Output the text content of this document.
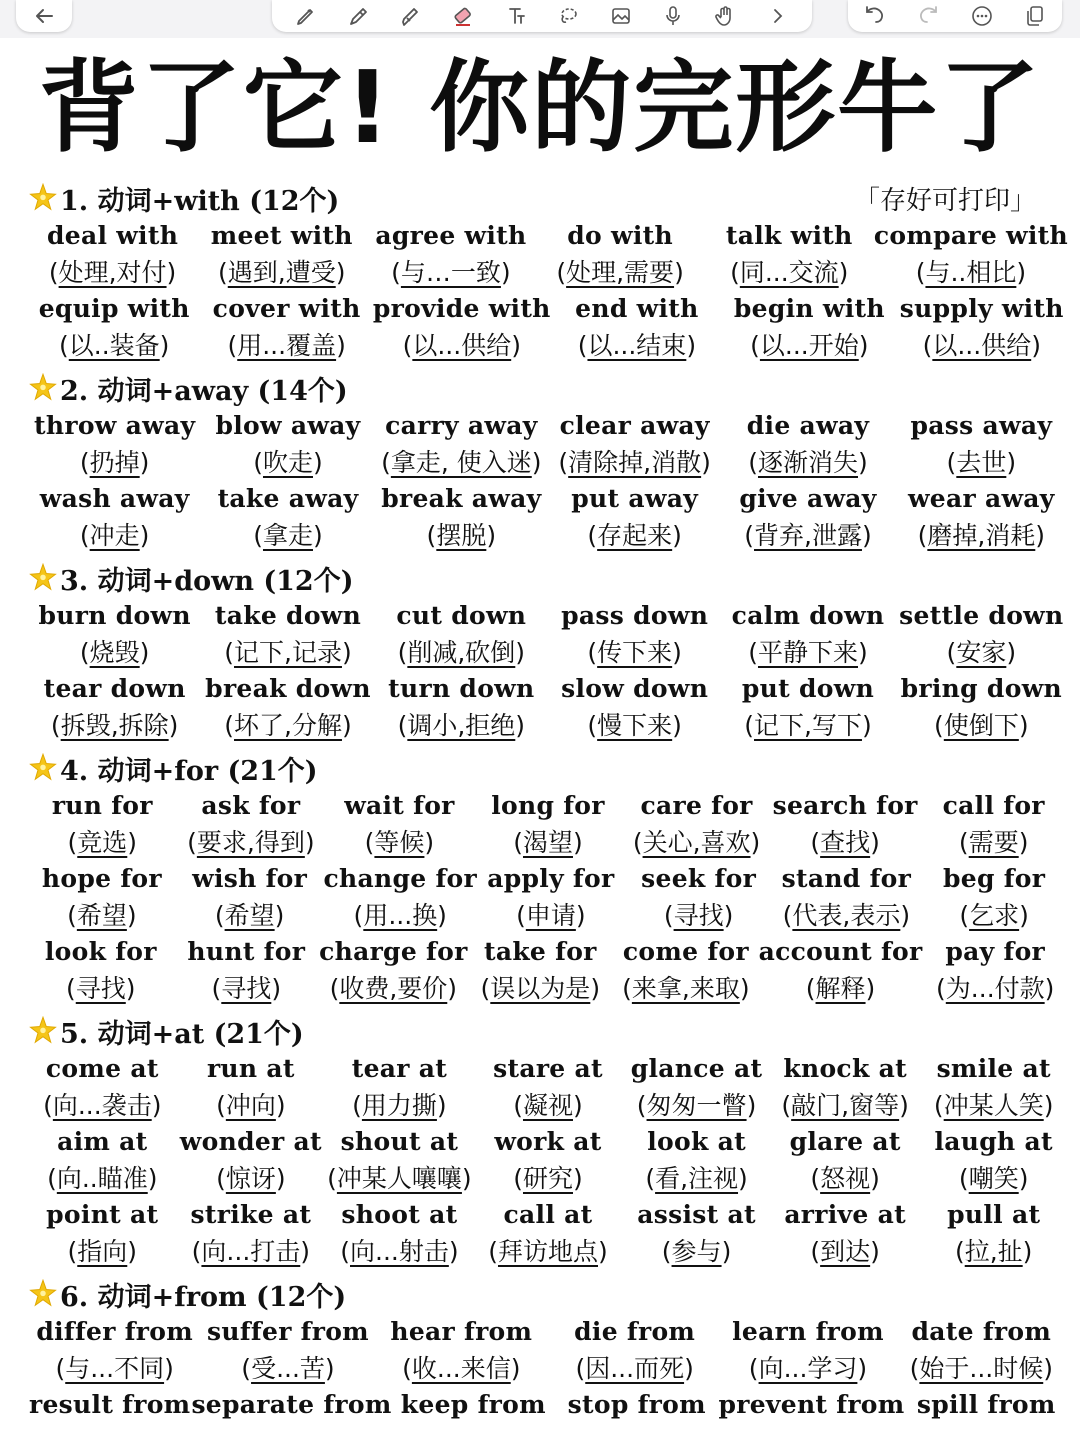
背了它! 你的完形牛了
「存好可打印」
1. 动词+with (12个)
deal with
(处理,对付)
meet with
(遇到,遭受)
agree with
(与…一致)
do with
(处理,需要)
talk with
(同...交流)
compare with
(与..相比)
equip with
(以..装备)
cover with
(用...覆盖)
provide with
(以...供给)
end with
(以...结束)
begin with
(以...开始)
supply with
(以...供给)
2. 动词+away (14个)
throw away
(扔掉)
blow away
(吹走)
carry away
(拿走, 使入迷)
clear away
(清除掉,消散)
die away
(逐渐消失)
pass away
(去世)
wash away
(冲走)
take away
(拿走)
break away
(摆脱)
put away
(存起来)
give away
(背弃,泄露)
wear away
(磨掉,消耗)
3. 动词+down (12个)
burn down
(烧毁)
take down
(记下,记录)
cut down
(削减,砍倒)
pass down
(传下来)
calm down
(平静下来)
settle down
(安家)
tear down
(拆毁,拆除)
break down
(坏了,分解)
turn down
(调小,拒绝)
slow down
(慢下来)
put down
(记下,写下)
bring down
(使倒下)
4. 动词+for (21个)
run for
(竞选)
ask for
(要求,得到)
wait for
(等候)
long for
(渴望)
care for
(关心,喜欢)
search for
(查找)
call for
(需要)
hope for
(希望)
wish for
(希望)
change for
(用...换)
apply for
(申请)
seek for
(寻找)
stand for
(代表,表示)
beg for
(乞求)
look for
(寻找)
hunt for
(寻找)
charge for
(收费,要价)
take for
(误以为是)
come for
(来拿,来取)
account for
(解释)
pay for
(为...付款)
5. 动词+at (21个)
come at
(向...袭击)
run at
(冲向)
tear at
(用力撕)
stare at
(凝视)
glance at
(匆匆一瞥)
knock at
(敲门,窗等)
smile at
(冲某人笑)
aim at
(向..瞄准)
wonder at
(惊讶)
shout at
(冲某人嚷嚷)
work at
(研究)
look at
(看,注视)
glare at
(怒视)
laugh at
(嘲笑)
point at
(指向)
strike at
(向...打击)
shoot at
(向...射击)
call at
(拜访地点)
assist at
(参与)
arrive at
(到达)
pull at
(拉,扯)
6. 动词+from (12个)
differ from
(与...不同)
suffer from
(受...苦)
hear from
(收...来信)
die from
(因...而死)
learn from
(向...学习)
date from
(始于...时候)
result from separate from keep from stop from prevent from spill from
